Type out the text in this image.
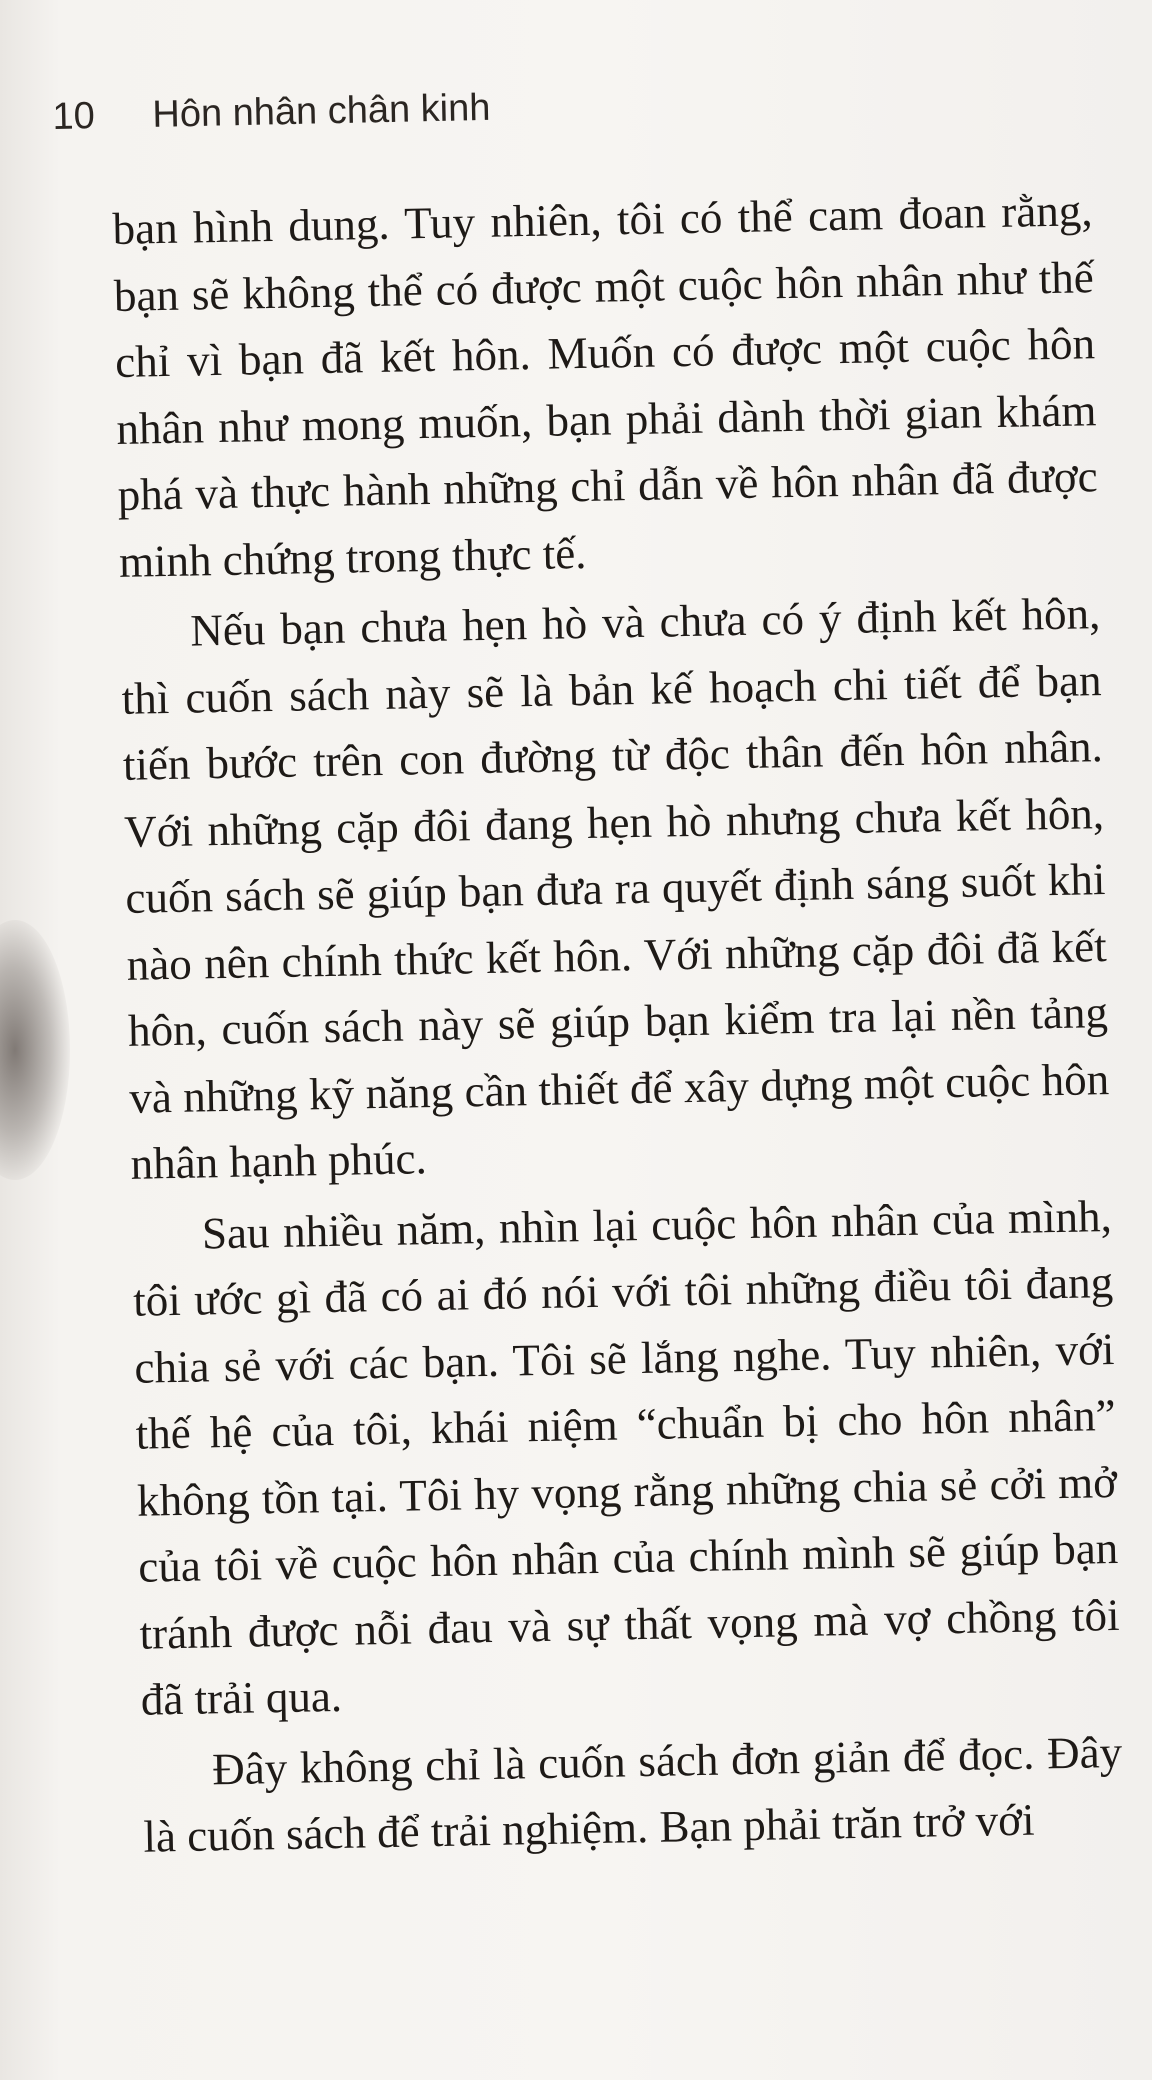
10 Hôn nhân chân kinh

bạn hình dung. Tuy nhiên, tôi có thể cam đoan rằng, bạn sẽ không thể có được một cuộc hôn nhân như thế chỉ vì bạn đã kết hôn. Muốn có được một cuộc hôn nhân như mong muốn, bạn phải dành thời gian khám phá và thực hành những chỉ dẫn về hôn nhân đã được minh chứng trong thực tế.

Nếu bạn chưa hẹn hò và chưa có ý định kết hôn, thì cuốn sách này sẽ là bản kế hoạch chi tiết để bạn tiến bước trên con đường từ độc thân đến hôn nhân. Với những cặp đôi đang hẹn hò nhưng chưa kết hôn, cuốn sách sẽ giúp bạn đưa ra quyết định sáng suốt khi nào nên chính thức kết hôn. Với những cặp đôi đã kết hôn, cuốn sách này sẽ giúp bạn kiểm tra lại nền tảng và những kỹ năng cần thiết để xây dựng một cuộc hôn nhân hạnh phúc.

Sau nhiều năm, nhìn lại cuộc hôn nhân của mình, tôi ước gì đã có ai đó nói với tôi những điều tôi đang chia sẻ với các bạn. Tôi sẽ lắng nghe. Tuy nhiên, với thế hệ của tôi, khái niệm “chuẩn bị cho hôn nhân” không tồn tại. Tôi hy vọng rằng những chia sẻ cởi mở của tôi về cuộc hôn nhân của chính mình sẽ giúp bạn tránh được nỗi đau và sự thất vọng mà vợ chồng tôi đã trải qua.

Đây không chỉ là cuốn sách đơn giản để đọc. Đây là cuốn sách để trải nghiệm. Bạn phải trăn trở với
